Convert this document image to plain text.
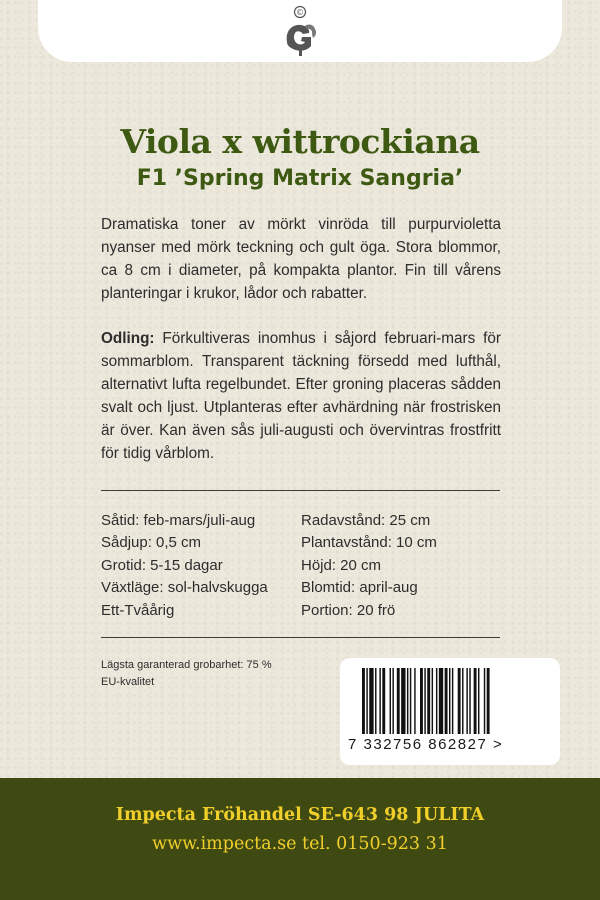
©
Viola x wittrockiana
F1 ’Spring Matrix Sangria’
Dramatiska toner av mörkt vinröda till purpurvioletta nyanser med mörk teckning och gult öga. Stora blommor, ca 8 cm i diameter, på kompakta plantor. Fin till vårens planteringar i krukor, lådor och rabatter.
Odling: Förkultiveras inomhus i såjord februari-mars för sommarblom. Transparent täckning försedd med lufthål, alternativt lufta regelbundet. Efter groning placeras sådden svalt och ljust. Utplanteras efter avhärdning när frostrisken är över. Kan även sås juli-augusti och övervintras frostfritt för tidig vårblom.
Såtid: feb-mars/juli-aug
Sådjup: 0,5 cm
Grotid: 5-15 dagar
Växtläge: sol-halvskugga
Ett-Tvåårig
Radavstånd: 25 cm
Plantavstånd: 10 cm
Höjd: 20 cm
Blomtid: april-aug
Portion: 20 frö
Lägsta garanterad grobarhet: 75 %
EU-kvalitet
7 332756 862827 >
Impecta Fröhandel SE-643 98 JULITA
www.impecta.se tel. 0150-923 31
